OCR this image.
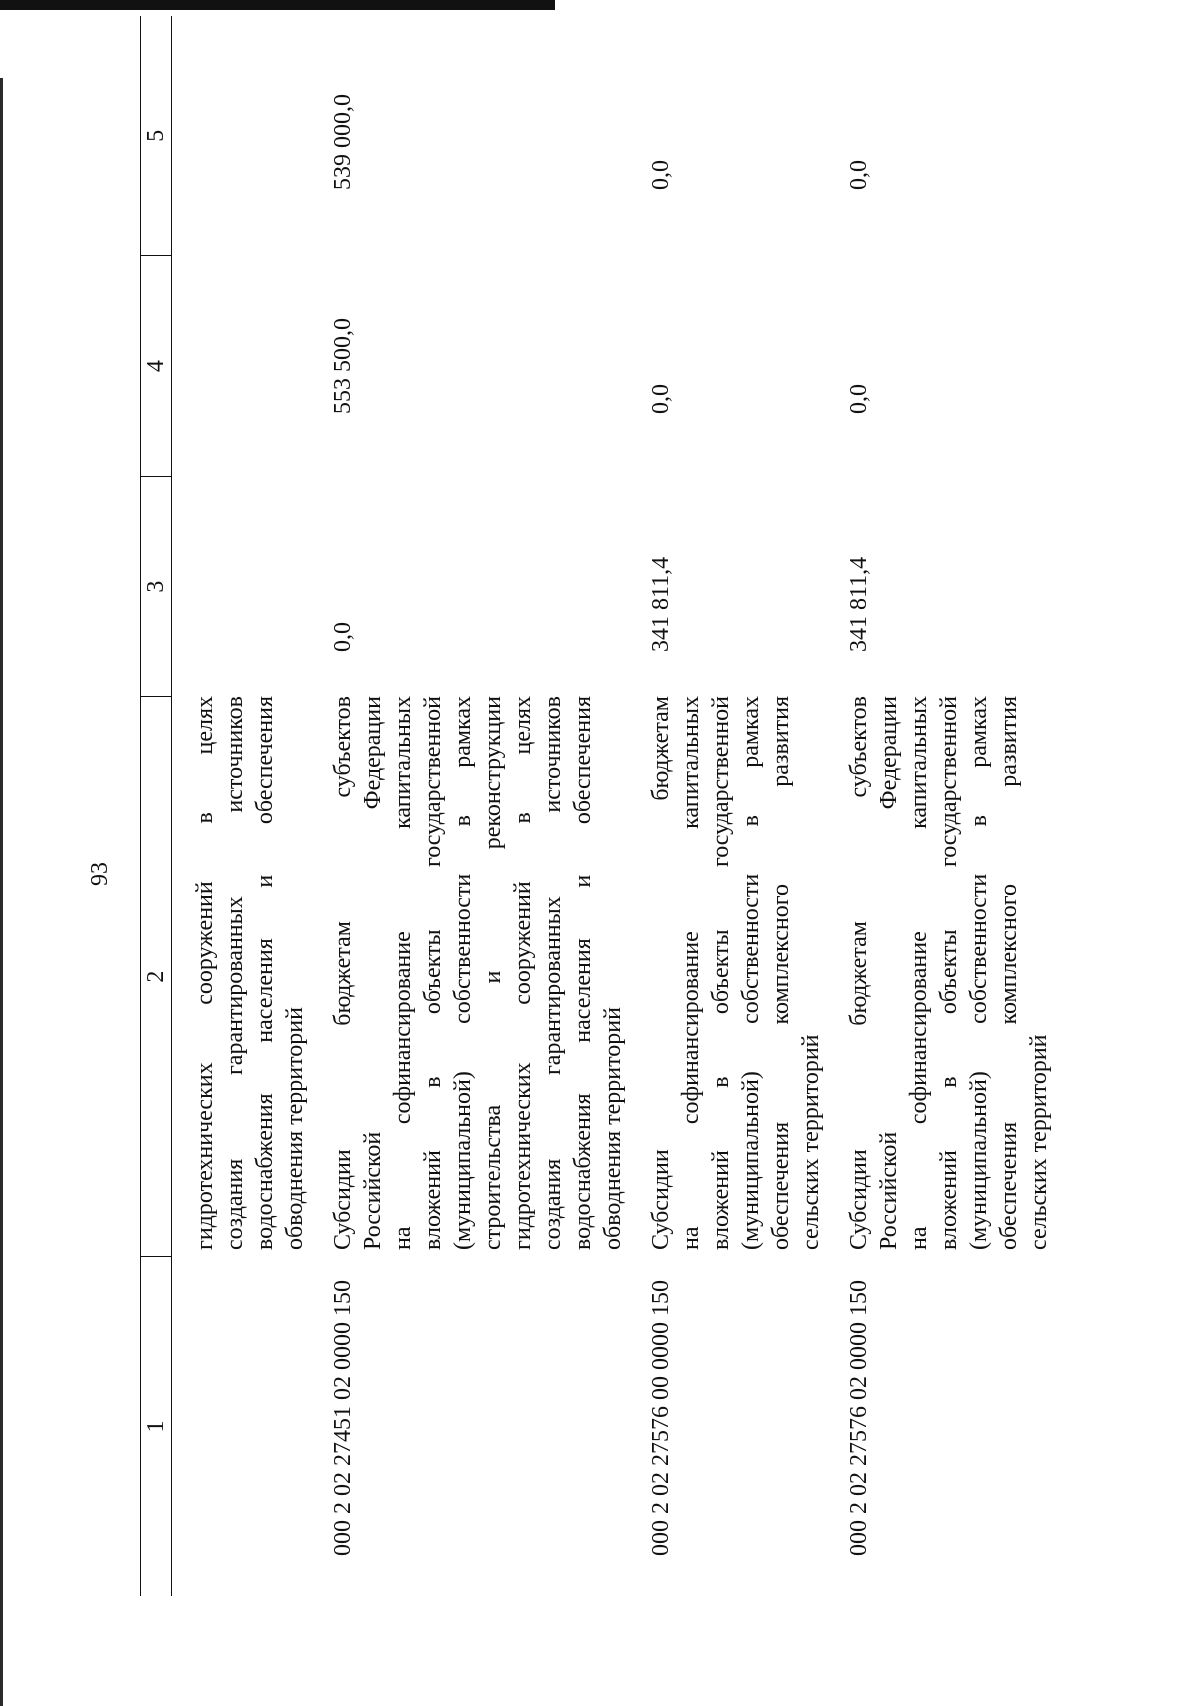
93
1
2
3
4
5
гидротехнических сооружений в целях создания гарантированных источников водоснабжения населения и обеспечения обводнения территорий
000 2 02 27451 02 0000 150
Субсидии бюджетам субъектов Российской Федерации на софинансирование капитальных вложений в объекты государственной (муниципальной) собственности в рамках строительства и реконструкции гидротехнических сооружений в целях создания гарантированных источников водоснабжения населения и обеспечения обводнения территорий
0,0
553 500,0
539 000,0
000 2 02 27576 00 0000 150
Субсидии бюджетам на софинансирование капитальных вложений в объекты государственной (муниципальной) собственности в рамках обеспечения комплексного развития сельских территорий
341 811,4
0,0
0,0
000 2 02 27576 02 0000 150
Субсидии бюджетам субъектов Российской Федерации на софинансирование капитальных вложений в объекты государственной (муниципальной) собственности в рамках обеспечения комплексного развития сельских территорий
341 811,4
0,0
0,0
